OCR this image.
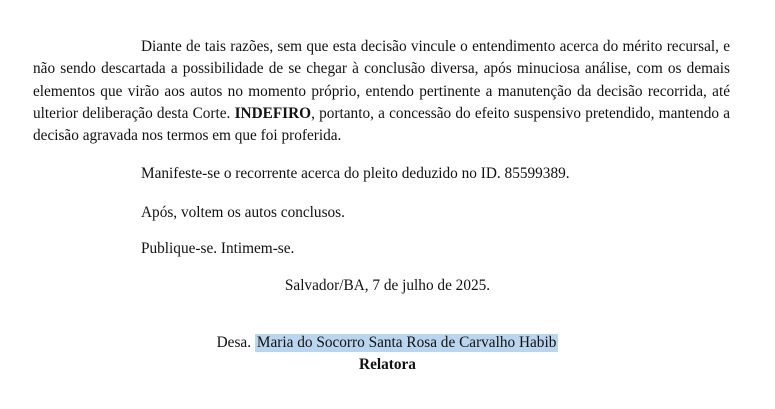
Diante de tais razões, sem que esta decisão vincule o entendimento acerca do mérito recursal, e não sendo descartada a possibilidade de se chegar à conclusão diversa, após minuciosa análise, com os demais elementos que virão aos autos no momento próprio, entendo pertinente a manutenção da decisão recorrida, até ulterior deliberação desta Corte. INDEFIRO, portanto, a concessão do efeito suspensivo pretendido, mantendo a decisão agravada nos termos em que foi proferida.

Manifeste-se o recorrente acerca do pleito deduzido no ID. 85599389.

Após, voltem os autos conclusos.

Publique-se. Intimem-se.

Salvador/BA, 7 de julho de 2025.

Desa. Maria do Socorro Santa Rosa de Carvalho Habib

Relatora
